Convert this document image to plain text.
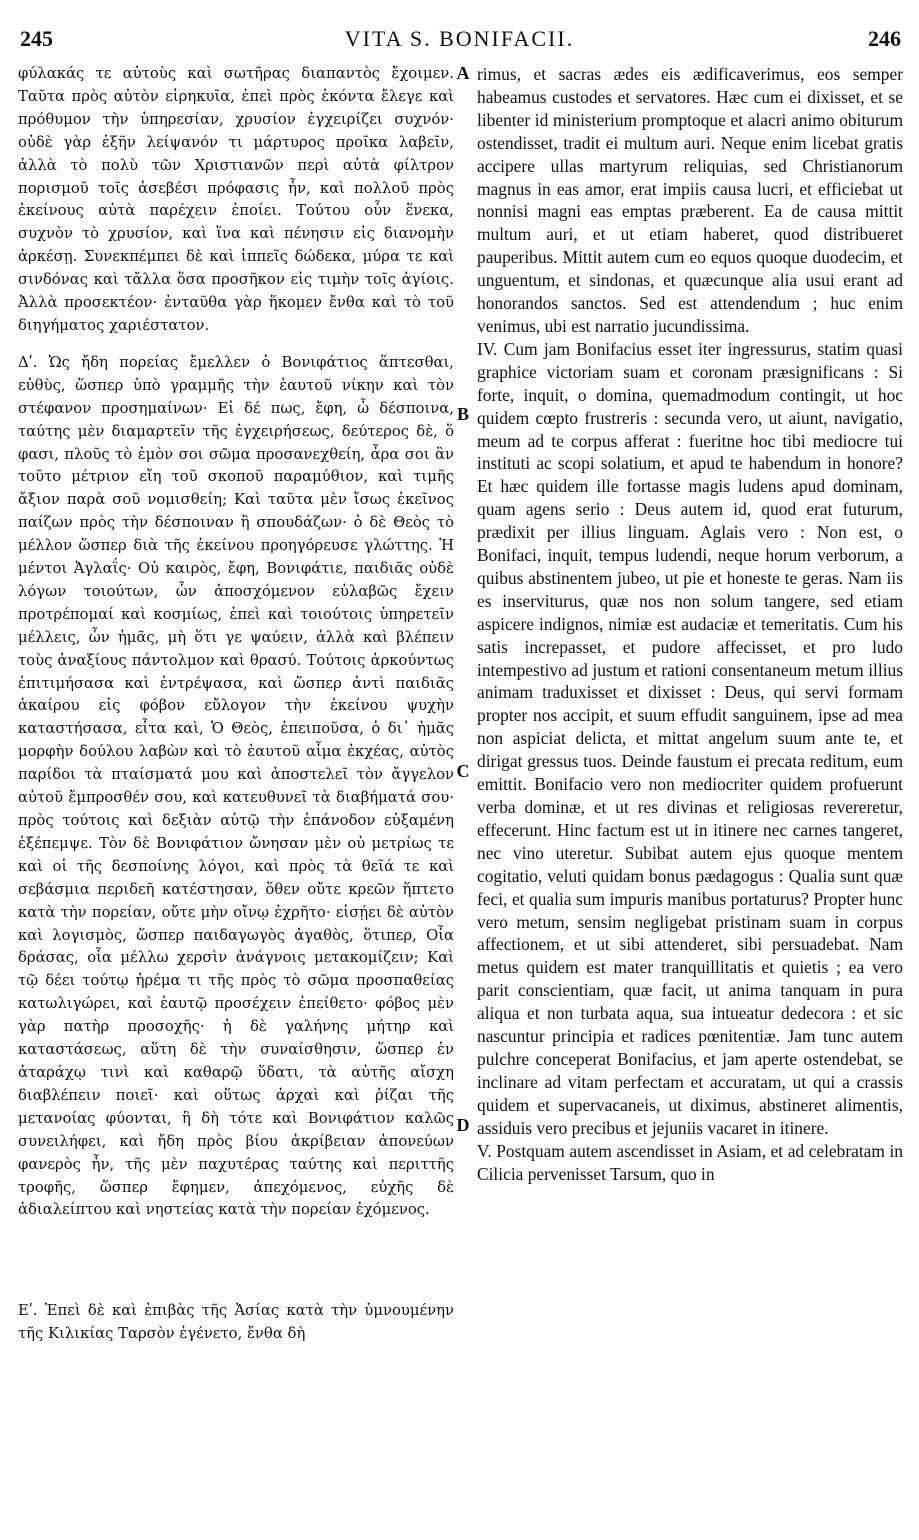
245	VITA S. BONIFACII.	246
A
B
C
D

φύλακάς τε αὐτοὺς καὶ σωτῆρας διαπαντὸς ἔχοιμεν. Ταῦτα πρὸς αὐτὸν εἰρηκυῖα, ἐπεὶ πρὸς ἑκόντα ἔλεγε καὶ πρόθυμον τὴν ὑπηρεσίαν, χρυσίον ἐγχειρίζει συχνόν· οὐδὲ γὰρ ἐξῆν λείψανόν τι μάρτυρος προῖκα λαβεῖν, ἀλλὰ τὸ πολὺ τῶν Χριστιανῶν περὶ αὐτὰ φίλτρον πορισμοῦ τοῖς ἀσεβέσι πρόφασις ἦν, καὶ πολλοῦ πρὸς ἐκείνους αὐτὰ παρέχειν ἐποίει. Τούτου οὖν ἕνεκα, συχνὸν τὸ χρυσίον, καὶ ἵνα καὶ πένησιν εἰς διανομὴν ἀρκέσῃ. Συνεκπέμπει δὲ καὶ ἱππεῖς δώδεκα, μύρα τε καὶ σινδόνας καὶ τἄλλα ὅσα προσῆκον εἰς τιμὴν τοῖς ἁγίοις. Ἀλλὰ προσεκτέον· ἐνταῦθα γὰρ ἥκομεν ἔνθα καὶ τὸ τοῦ διηγήματος χαριέστατον.

Δʹ. Ὡς ἤδη πορείας ἔμελλεν ὁ Βονιφάτιος ἅπτεσθαι, εὐθὺς, ὥσπερ ὑπὸ γραμμῆς τὴν ἑαυτοῦ νίκην καὶ τὸν στέφανον προσημαίνων· Εἰ δέ πως, ἔφη, ὦ δέσποινα, ταύτης μὲν διαμαρτεῖν τῆς ἐγχειρήσεως, δεύτερος δὲ, ὅ φασι, πλοῦς τὸ ἐμὸν σοι σῶμα προσανεχθείη, ἆρα σοι ἂν τοῦτο μέτριον εἴη τοῦ σκοποῦ παραμύθιον, καὶ τιμῆς ἄξιον παρὰ σοῦ νομισθείη; Καὶ ταῦτα μὲν ἴσως ἐκεῖνος παίζων πρὸς τὴν δέσποιναν ἢ σπουδάζων· ὁ δὲ Θεὸς τὸ μέλλον ὥσπερ διὰ τῆς ἐκείνου προηγόρευσε γλώττης. Ἡ μέντοι Ἀγλαΐς· Οὐ καιρὸς, ἔφη, Βονιφάτιε, παιδιᾶς οὐδὲ λόγων τοιούτων, ὧν ἀποσχόμενον εὐλαβῶς ἔχειν προτρέπομαί καὶ κοσμίως, ἐπεὶ καὶ τοιούτοις ὑπηρετεῖν μέλλεις, ὧν ἡμᾶς, μὴ ὅτι γε ψαύειν, ἀλλὰ καὶ βλέπειν τοὺς ἀναξίους πάντολμον καὶ θρασύ. Τούτοις ἀρκούντως ἐπιτιμήσασα καὶ ἐντρέψασα, καὶ ὥσπερ ἀντὶ παιδιᾶς ἀκαίρου εἰς φόβον εὔλογον τὴν ἐκείνου ψυχὴν καταστήσασα, εἶτα καὶ, Ὁ Θεὸς, ἐπειποῦσα, ὁ δι᾽ ἡμᾶς μορφὴν δούλου λαβὼν καὶ τὸ ἑαυτοῦ αἷμα ἐκχέας, αὐτὸς παρίδοι τὰ πταίσματά μου καὶ ἀποστελεῖ τὸν ἄγγελον αὐτοῦ ἔμπροσθέν σου, καὶ κατευθυνεῖ τὰ διαβήματά σου· πρὸς τούτοις καὶ δεξιὰν αὐτῷ τὴν ἐπάνοδον εὐξαμένη ἐξέπεμψε. Τὸν δὲ Βονιφάτιον ὤνησαν μὲν οὐ μετρίως τε καὶ οἱ τῆς δεσποίνης λόγοι, καὶ πρὸς τὰ θεῖά τε καὶ σεβάσμια περιδεῆ κατέστησαν, ὅθεν οὔτε κρεῶν ἥπτετο κατὰ τὴν πορείαν, οὔτε μὴν οἴνῳ ἐχρῆτο· εἰσῄει δὲ αὐτὸν καὶ λογισμὸς, ὥσπερ παιδαγωγὸς ἀγαθὸς, ὅτιπερ, Οἷα δράσας, οἷα μέλλω χερσὶν ἀνάγνοις μετακομίζειν; Καὶ τῷ δέει τούτῳ ἠρέμα τι τῆς πρὸς τὸ σῶμα προσπαθείας κατωλιγώρει, καὶ ἑαυτῷ προσέχειν ἐπείθετο· φόβος μὲν γὰρ πατὴρ προσοχῆς· ἡ δὲ γαλήνης μήτηρ καὶ καταστάσεως, αὕτη δὲ τὴν συναίσθησιν, ὥσπερ ἐν ἀταράχῳ τινὶ καὶ καθαρῷ ὕδατι, τὰ αὐτῆς αἴσχη διαβλέπειν ποιεῖ· καὶ οὕτως ἀρχαὶ καὶ ῥίζαι τῆς μετανοίας φύονται, ἣ δὴ τότε καὶ Βονιφάτιον καλῶς συνειλήφει, καὶ ἤδη πρὸς βίου ἀκρίβειαν ἀπονεύων φανερὸς ἦν, τῆς μὲν παχυτέρας ταύτης καὶ περιττῆς τροφῆς, ὥσπερ ἔφημεν, ἀπεχόμενος, εὐχῆς δὲ ἀδιαλείπτου καὶ νηστείας κατὰ τὴν πορείαν ἐχόμενος.

Εʹ. Ἐπεὶ δὲ καὶ ἐπιβὰς τῆς Ἀσίας κατὰ τὴν ὑμνουμένην τῆς Κιλικίας Ταρσὸν ἐγένετο, ἔνθα δὴ

rimus, et sacras ædes eis ædificaverimus, eos semper habeamus custodes et servatores. Hæc cum ei dixisset, et se libenter id ministerium promptoque et alacri animo obiturum ostendisset, tradit ei multum auri. Neque enim licebat gratis accipere ullas martyrum reliquias, sed Christianorum magnus in eas amor, erat impiis causa lucri, et efficiebat ut nonnisi magni eas emptas præberent. Ea de causa mittit multum auri, et ut etiam haberet, quod distribueret pauperibus. Mittit autem cum eo equos quoque duodecim, et unguentum, et sindonas, et quæcunque alia usui erant ad honorandos sanctos. Sed est attendendum ; huc enim venimus, ubi est narratio jucundissima.

IV. Cum jam Bonifacius esset iter ingressurus, statim quasi graphice victoriam suam et coronam præsignificans : Si forte, inquit, o domina, quemadmodum contingit, ut hoc quidem cœpto frustreris : secunda vero, ut aiunt, navigatio, meum ad te corpus afferat : fueritne hoc tibi mediocre tui instituti ac scopi solatium, et apud te habendum in honore? Et hæc quidem ille fortasse magis ludens apud dominam, quam agens serio : Deus autem id, quod erat futurum, prædixit per illius linguam. Aglais vero : Non est, o Bonifaci, inquit, tempus ludendi, neque horum verborum, a quibus abstinentem jubeo, ut pie et honeste te geras. Nam iis es inserviturus, quæ nos non solum tangere, sed etiam aspicere indignos, nimiæ est audaciæ et temeritatis. Cum his satis increpasset, et pudore affecisset, et pro ludo intempestivo ad justum et rationi consentaneum metum illius animam traduxisset et dixisset : Deus, qui servi formam propter nos accipit, et suum effudit sanguinem, ipse ad mea non aspiciat delicta, et mittat angelum suum ante te, et dirigat gressus tuos. Deinde faustum ei precata reditum, eum emittit. Bonifacio vero non mediocriter quidem profuerunt verba dominæ, et ut res divinas et religiosas revereretur, effecerunt. Hinc factum est ut in itinere nec carnes tangeret, nec vino uteretur. Subibat autem ejus quoque mentem cogitatio, veluti quidam bonus pædagogus : Qualia sunt quæ feci, et qualia sum impuris manibus portaturus? Propter hunc vero metum, sensim negligebat pristinam suam in corpus affectionem, et ut sibi attenderet, sibi persuadebat. Nam metus quidem est mater tranquillitatis et quietis ; ea vero parit conscientiam, quæ facit, ut anima tanquam in pura aliqua et non turbata aqua, sua intueatur dedecora : et sic nascuntur principia et radices pœnitentiæ. Jam tunc autem pulchre conceperat Bonifacius, et jam aperte ostendebat, se inclinare ad vitam perfectam et accuratam, ut qui a crassis quidem et supervacaneis, ut diximus, abstineret alimentis, assiduis vero precibus et jejuniis vacaret in itinere.

V. Postquam autem ascendisset in Asiam, et ad celebratam in Cilicia pervenisset Tarsum, quo in
